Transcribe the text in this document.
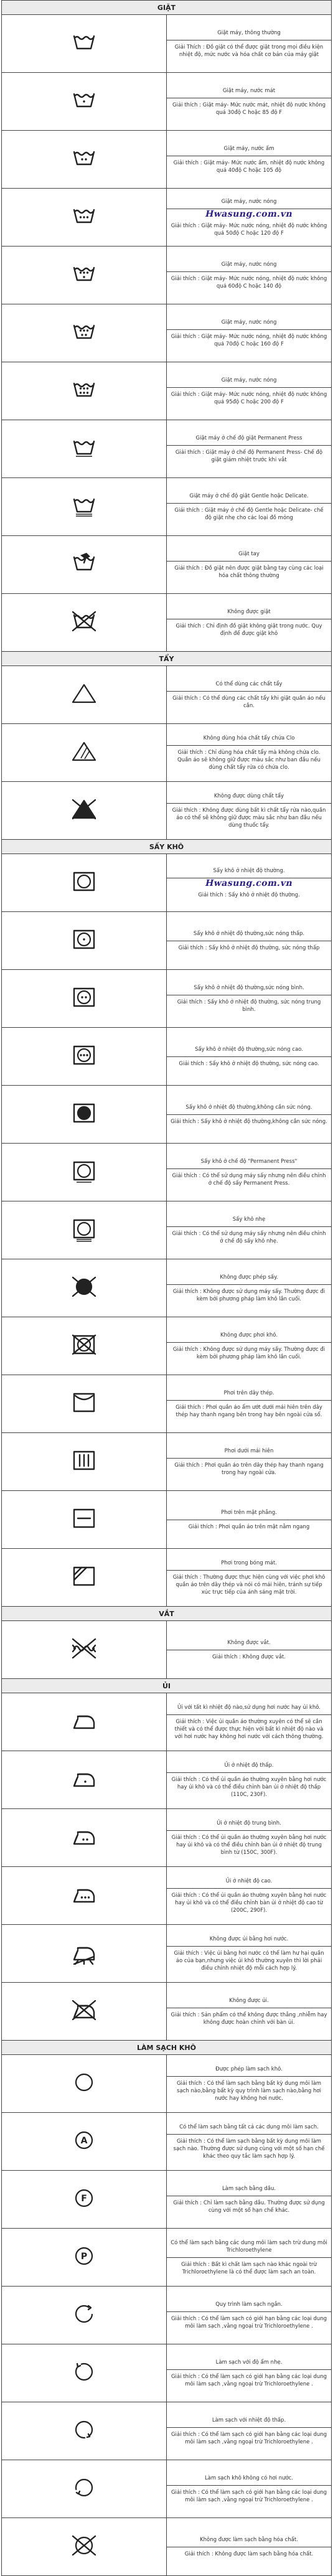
GIẶT	

Giặt máy, thông thường
Giải Thích : Đồ giặt có thể được giặt trong mọi điều kiện nhiệt độ, mức nước và hóa chất cơ bản của máy giặt

Giặt máy, nước mát
Giải thích : Giặt máy- Mức nước mát, nhiệt độ nước không quá 30độ C hoặc 85 độ F

Giặt máy, nước ấm
Giải thích : Giặt máy- Mức nước ấm, nhiệt độ nước không quá 40độ C hoặc 105 độ

Giặt máy, nước nóng
Hwasung.com.vn
Giải thích : Giặt máy- Mức nước nóng, nhiệt độ nước không quá 50độ C hoặc 120 độ F

Giặt máy, nước nóng
Giải thích : Giặt máy- Mức nước nóng, nhiệt độ nước không quá 60độ C hoặc 140 độ

Giặt máy, nước nóng
Giải thích : Giặt máy- Mức nước nóng, nhiệt độ nước không quá 70độ C hoặc 160 độ F

Giặt máy, nước nóng
Giải thích : Giặt máy- Mức nước nóng, nhiệt độ nước không quá 95độ C hoặc 200 độ F

Giặt máy ở chế độ giặt Permanent Press
Giải thích : Giặt máy ở chế độ Permanent Press- Chế độ giặt giảm nhiệt trước khi vắt

Giặt máy ở chế độ giặt Gentle hoặc Delicate.
Giải thích : Giặt máy ở chế độ Gentle hoặc Delicate- chế độ giặt nhẹ cho các loại đồ mỏng

Giặt tay
Giải thích : Đồ giặt nên được giặt bằng tay cùng các loại hóa chất thông thường

Không được giặt
Giải thích : Chỉ định đồ giặt không giặt trong nước. Quy định để được giặt khô

TẨY	

Có thể dùng các chất tẩy
Giải thích : Có thể dùng các chất tẩy khi giặt quần áo nếu cần.

Không dùng hóa chất tẩy chứa Clo
Giải thích : Chỉ dùng hóa chất tẩy mà không chứa clo. Quần áo sẽ không giữ được màu sắc như ban đầu nếu dùng chất tẩy rửa có chứa clo.

Không được dùng chất tẩy
Giải thích : Không được dùng bất kì chất tẩy rửa nào,quần áo có thể sẽ không giữ được màu sắc như ban đầu nếu dùng thuốc tẩy.

SẤY KHÔ	

Sấy khô ở nhiệt độ thường.
Hwasung.com.vn
Giải thích : Sấy khô ở nhiệt độ thường.

Sấy khô ở nhiệt độ thường,sức nóng thấp.
Giải thích : Sấy khô ở nhiệt độ thường, sức nóng thấp

Sấy khô ở nhiệt độ thường,sức nóng bình.
Giải thích : Sấy khô ở nhiệt độ thường, sức nóng trung bình.

Sấy khô ở nhiệt độ thường,sức nóng cao.
Giải thích : Sấy khô ở nhiệt độ thường, sức nóng cao.

Sấy khô ở nhiệt độ thường,không cần sức nóng.
Giải thích : Sấy khô ở nhiệt độ thường,không cần sức nóng.

Sấy khô ở chế độ "Permanent Press"
Giải thích : Có thể sử dụng máy sấy nhưng nên điều chỉnh ở chế độ sấy Permanent Press.

Sấy khô nhẹ
Giải thích : Có thể sử dụng máy sấy nhưng nên điều chỉnh ở chế độ sấy khô nhẹ.

Không được phép sấy.
Giải thích : Không được sử dụng máy sấy. Thường được đi kèm bởi phương pháp làm khô lần cuối.

Không được phơi khô.
Giải thích : Không được sử dụng máy sấy. Thường được đi kèm bởi phương pháp làm khô lần cuối.

Phơi trên dây thép.
Giải thích : Phơi quần áo ẩm ướt dưới mái hiên trên dây thép hay thanh ngang bên trong hay bên ngoài cửa sổ.

Phơi dưới mái hiên
Giải thích : Phơi quần áo trên dây thép hay thanh ngang trong hay ngoài cửa.

Phơi trên mặt phẳng.
Giải thích : Phơi quần áo trên mặt nằm ngang

Phơi trong bóng mát.
Giải thích : Thường được thực hiện cùng với việc phơi khô quần áo trên dây thép và nói có mái hiên, tránh sự tiếp xúc trực tiếp của ánh sáng mặt trời.

VẮT	

Không được vắt.
Giải thích : Không được vắt.

ỦI	

Ủi với tất kì nhiệt độ nào,sử dụng hơi nước hay ủi khô.
Giải thích : Việc ủi quần áo thường xuyên có thể sẽ cần thiết và có thể được thực hiện với bất kì nhiệt độ nào và với hơi nước hay không hơi nước với cách thông thường.

Ủi ở nhiệt độ thấp.
Giải thích : Có thể ủi quần áo thường xuyên bằng hơi nước hay ủi khô và có thể điều chỉnh bàn ủi ở nhiệt độ thấp (110C, 230F).

Ủi ở nhiệt độ trung bình.
Giải thích : Có thể ủi quần áo thường xuyên bằng hơi nước hay ủi khô và có thể điều chỉnh bàn ủi ở nhiệt độ trung bình từ (150C, 300F).

Ủi ở nhiệt độ cao.
Giải thích : Có thể ủi quần áo thường xuyên bằng hơi nước hay ủi khô và có thể điều chỉnh bàn ủi ở nhiệt độ cao từ (200C, 290F).

Không được ủi bằng hơi nước.
Giải thích : Việc ủi bằng hơi nước có thể làm hư hại quần áo của bạn,nhưng việc ủi khô thường xuyên thì lời phải điều chỉnh nhiệt độ mỗi cách hợp lý.

Không được ủi.
Giải thích : Sản phẩm có thể không được thẳng ,nhiễm hay không được hoàn chỉnh với bàn ủi.

LÀM SẠCH KHÔ	

Được phép làm sạch khô.
Giải thích : Có thể làm sạch bằng bất kỳ dung môi làm sạch nào,bằng bất kỳ quy trình làm sạch nào,bằng hơi nước hay không hơi nước.

A	Có thể làm sạch bằng tất cả các dung môi làm sạch.
Giải thích : Có thể làm sạch bằng bất kỳ dung môi làm sạch nào. Thường được sử dụng cùng với một số hạn chế khác theo quy tắc làm sạch hợp lý.

F	Làm sạch bằng dầu.
Giải thích : Chỉ làm sạch bằng dầu. Thường được sử dụng cùng với một số hạn chế khác.

P	Có thể làm sạch bằng các dung môi làm sạch trừ dung môi Trichloroethylene
Giải thích : Bất kì chất làm sạch nào khác ngoài trừ Trichloroethylene là có thể được làm sạch an toàn.

Quy trình làm sạch ngắn.
Giải thích : Có thể làm sạch có giới hạn bằng các loại dung môi làm sạch ,vằng ngoại trừ Trichloroethylene .

Làm sạch với độ ẩm nhẹ.
Giải thích : Có thể làm sạch có giới hạn bằng các loại dung môi làm sạch ,vằng ngoại trừ Trichloroethylene .

Làm sạch với nhiệt độ thấp.
Giải thích : Có thể làm sạch có giới hạn bằng các loại dung môi làm sạch ,vằng ngoại trừ Trichloroethylene .

Làm sạch khô không có hơi nước.
Giải thích : Có thể làm sạch có giới hạn bằng các loại dung môi làm sạch ,vằng ngoại trừ Trichloroethylene .

Không được làm sạch bằng hóa chất.
Giải thích : Không được làm sạch bằng hóa chất.
